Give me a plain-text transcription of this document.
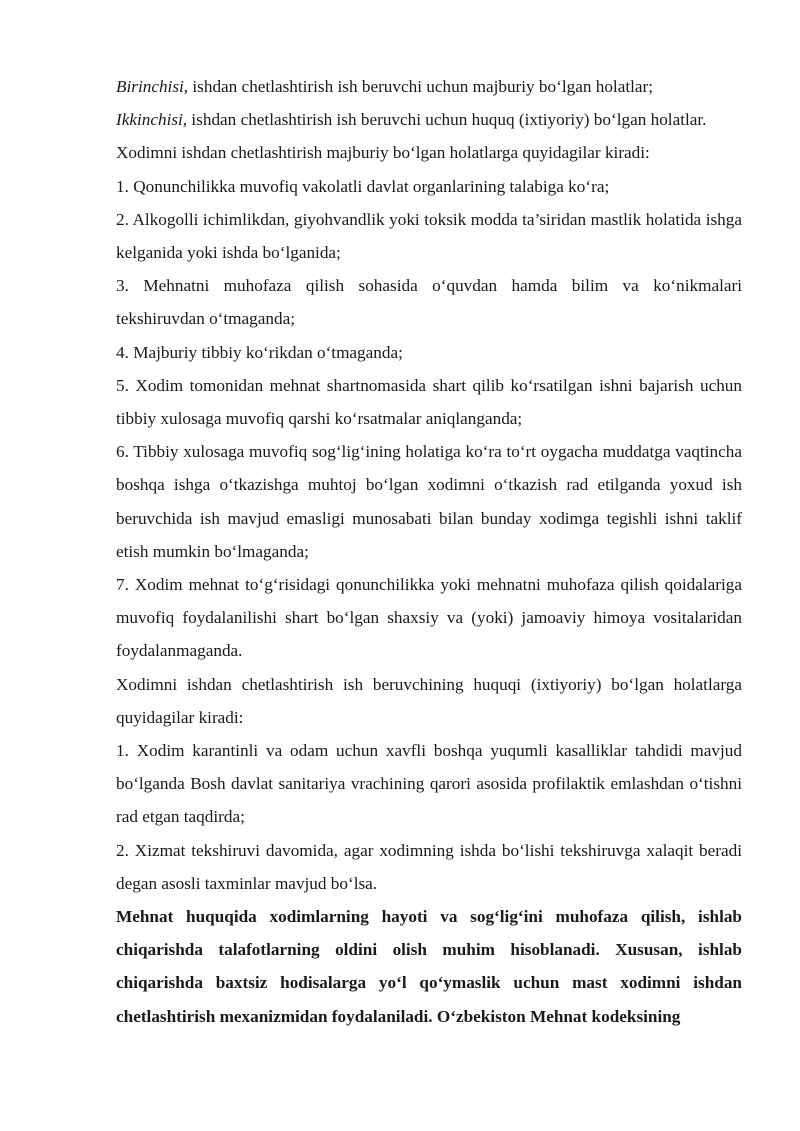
Birinchisi, ishdan chetlashtirish ish beruvchi uchun majburiy bo‘lgan holatlar;

Ikkinchisi, ishdan chetlashtirish ish beruvchi uchun huquq (ixtiyoriy) bo‘lgan holatlar.

Xodimni ishdan chetlashtirish majburiy bo‘lgan holatlarga quyidagilar kiradi:

1. Qonunchilikka muvofiq vakolatli davlat organlarining talabiga ko‘ra;

2. Alkogolli ichimlikdan, giyohvandlik yoki toksik modda ta’siridan mastlik holatida ishga kelganida yoki ishda bo‘lganida;

3. Mehnatni muhofaza qilish sohasida o‘quvdan hamda bilim va ko‘nikmalari tekshiruvdan o‘tmaganda;

4. Majburiy tibbiy ko‘rikdan o‘tmaganda;

5. Xodim tomonidan mehnat shartnomasida shart qilib ko‘rsatilgan ishni bajarish uchun tibbiy xulosaga muvofiq qarshi ko‘rsatmalar aniqlanganda;

6. Tibbiy xulosaga muvofiq sog‘lig‘ining holatiga ko‘ra to‘rt oygacha muddatga vaqtincha boshqa ishga o‘tkazishga muhtoj bo‘lgan xodimni o‘tkazish rad etilganda yoxud ish beruvchida ish mavjud emasligi munosabati bilan bunday xodimga tegishli ishni taklif etish mumkin bo‘lmaganda;

7. Xodim mehnat to‘g‘risidagi qonunchilikka yoki mehnatni muhofaza qilish qoidalariga muvofiq foydalanilishi shart bo‘lgan shaxsiy va (yoki) jamoaviy himoya vositalaridan foydalanmaganda.

Xodimni ishdan chetlashtirish ish beruvchining huquqi (ixtiyoriy) bo‘lgan holatlarga quyidagilar kiradi:

1. Xodim karantinli va odam uchun xavfli boshqa yuqumli kasalliklar tahdidi mavjud bo‘lganda Bosh davlat sanitariya vrachining qarori asosida profilaktik emlashdan o‘tishni rad etgan taqdirda;

2. Xizmat tekshiruvi davomida, agar xodimning ishda bo‘lishi tekshiruvga xalaqit beradi degan asosli taxminlar mavjud bo‘lsa.

Mehnat huquqida xodimlarning hayoti va sog‘lig‘ini muhofaza qilish, ishlab chiqarishda talafotlarning oldini olish muhim hisoblanadi. Xususan, ishlab chiqarishda baxtsiz hodisalarga yo‘l qo‘ymaslik uchun mast xodimni ishdan chetlashtirish mexanizmidan foydalaniladi. O‘zbekiston Mehnat kodeksining
